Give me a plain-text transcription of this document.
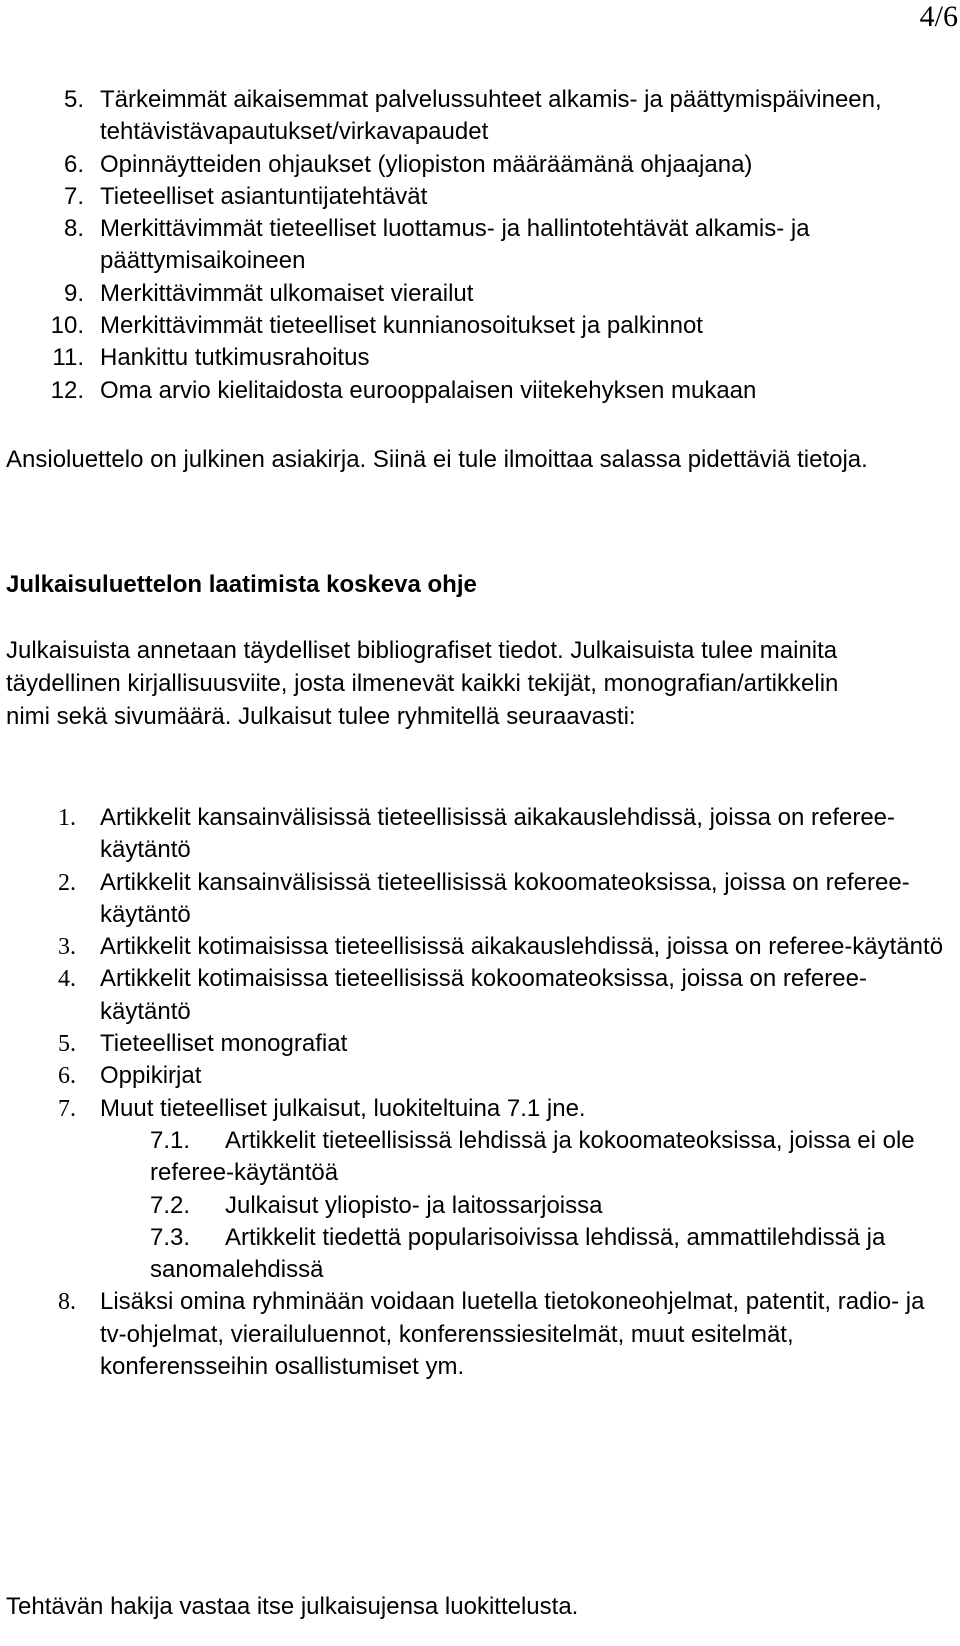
4/6
5. Tärkeimmät aikaisemmat palvelussuhteet alkamis- ja päättymispäivineen, tehtävistävapautukset/virkavapaudet
6. Opinnäytteiden ohjaukset (yliopiston määräämänä ohjaajana)
7. Tieteelliset asiantuntijatehtävät
8. Merkittävimmät tieteelliset luottamus- ja hallintotehtävät alkamis- ja päättymisaikoineen
9. Merkittävimmät ulkomaiset vierailut
10. Merkittävimmät tieteelliset kunnianosoitukset ja palkinnot
11. Hankittu tutkimusrahoitus
12. Oma arvio kielitaidosta eurooppalaisen viitekehyksen mukaan
Ansioluettelo on julkinen asiakirja. Siinä ei tule ilmoittaa salassa pidettäviä tietoja.
Julkaisuluettelon laatimista koskeva ohje
Julkaisuista annetaan täydelliset bibliografiset tiedot. Julkaisuista tulee mainita täydellinen kirjallisuusviite, josta ilmenevät kaikki tekijät, monografian/artikkelin nimi sekä sivumäärä. Julkaisut tulee ryhmitellä seuraavasti:
1. Artikkelit kansainvälisissä tieteellisissä aikakauslehdissä, joissa on referee-käytäntö
2. Artikkelit kansainvälisissä tieteellisissä kokoomateoksissa, joissa on referee-käytäntö
3. Artikkelit kotimaisissa tieteellisissä aikakauslehdissä, joissa on referee-käytäntö
4. Artikkelit kotimaisissa tieteellisissä kokoomateoksissa, joissa on referee-käytäntö
5. Tieteelliset monografiat
6. Oppikirjat
7. Muut tieteelliset julkaisut, luokiteltuina 7.1 jne.
7.1. Artikkelit tieteellisissä lehdissä ja kokoomateoksissa, joissa ei ole referee-käytäntöä
7.2. Julkaisut yliopisto- ja laitossarjoissa
7.3. Artikkelit tiedettä popularisoivissa lehdissä, ammattilehdissä ja sanomalehdissä
8. Lisäksi omina ryhminään voidaan luetella tietokoneohjelmat, patentit, radio- ja tv-ohjelmat, vierailuluennot, konferenssiesitelmät, muut esitelmät, konferensseihin osallistumiset ym.
Tehtävän hakija vastaa itse julkaisujensa luokittelusta.
